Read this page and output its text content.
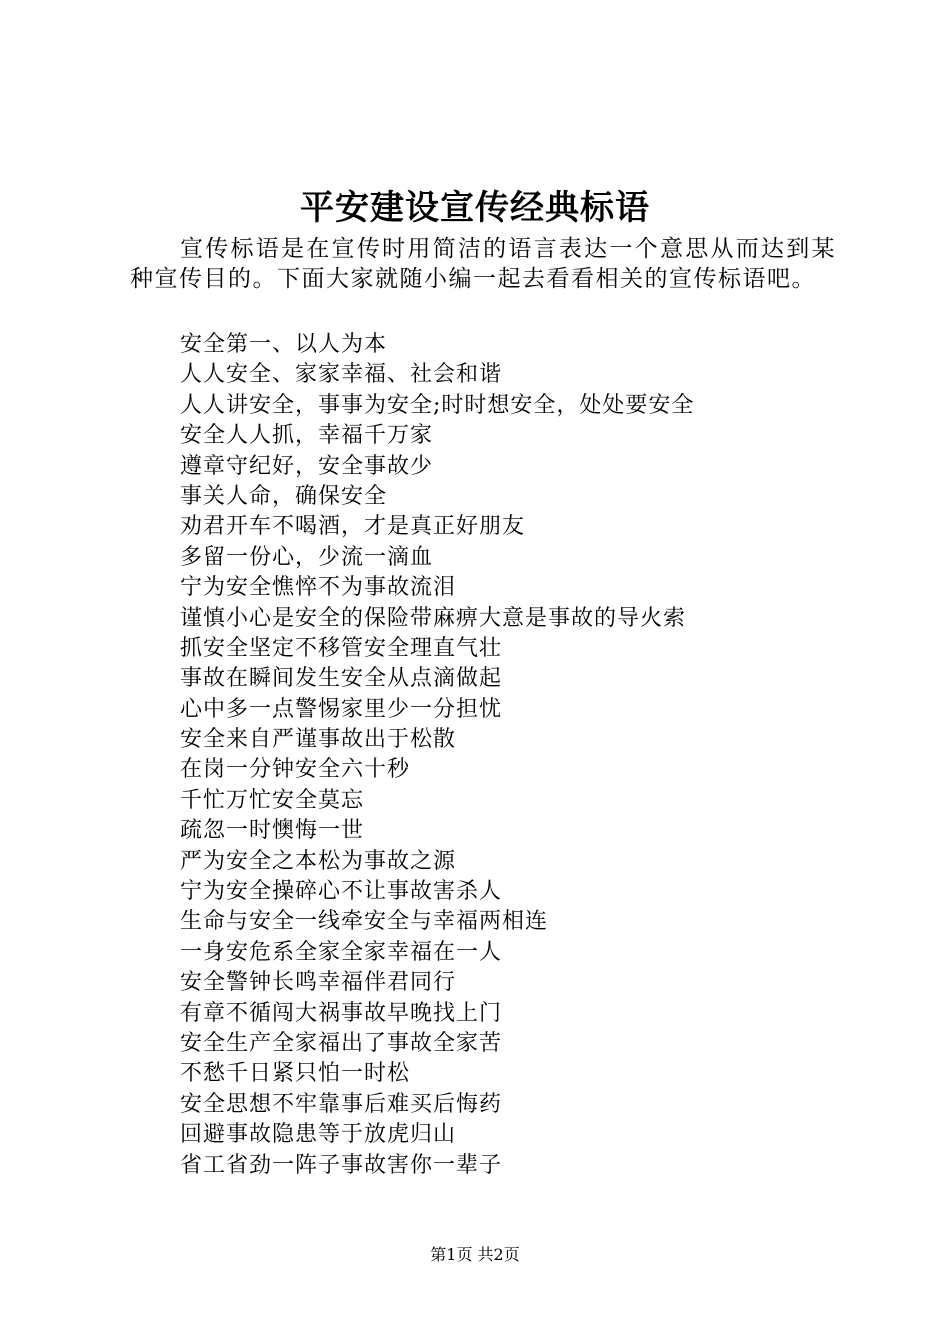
平安建设宣传经典标语
宣传标语是在宣传时用简洁的语言表达一个意思从而达到某种宣传目的。下面大家就随小编一起去看看相关的宣传标语吧。
安全第一、以人为本
人人安全、家家幸福、社会和谐
人人讲安全，事事为安全;时时想安全，处处要安全
安全人人抓，幸福千万家
遵章守纪好，安全事故少
事关人命，确保安全
劝君开车不喝酒，才是真正好朋友
多留一份心，少流一滴血
宁为安全憔悴不为事故流泪
谨慎小心是安全的保险带麻痹大意是事故的导火索
抓安全坚定不移管安全理直气壮
事故在瞬间发生安全从点滴做起
心中多一点警惕家里少一分担忧
安全来自严谨事故出于松散
在岗一分钟安全六十秒
千忙万忙安全莫忘
疏忽一时懊悔一世
严为安全之本松为事故之源
宁为安全操碎心不让事故害杀人
生命与安全一线牵安全与幸福两相连
一身安危系全家全家幸福在一人
安全警钟长鸣幸福伴君同行
有章不循闯大祸事故早晚找上门
安全生产全家福出了事故全家苦
不愁千日紧只怕一时松
安全思想不牢靠事后难买后悔药
回避事故隐患等于放虎归山
省工省劲一阵子事故害你一辈子
第1页 共2页
